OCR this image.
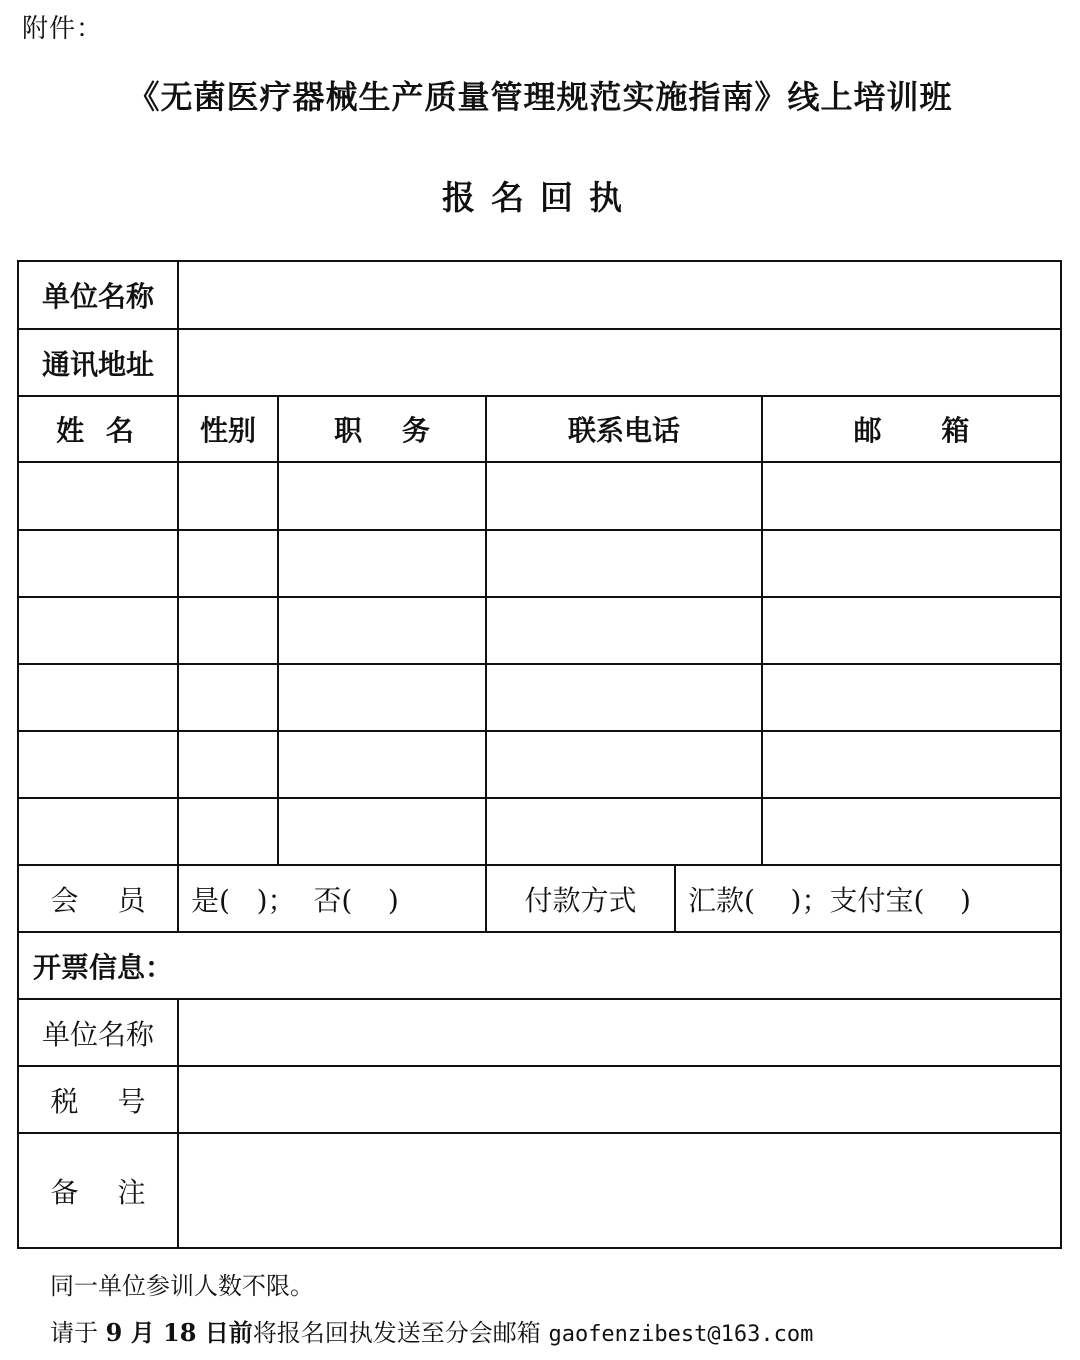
附件：
《无菌医疗器械生产质量管理规范实施指南》线上培训班
报名回执
单位名称					
通讯地址					
姓 名	性别	职 务	联系电话		邮 箱

会 员	是(   )；  否(    )		付款方式	汇款(    )；支付宝(    )	
开票信息：					
单位名称					
税 号					
备 注					
同一单位参训人数不限。
请于 9 月 18 日前将报名回执发送至分会邮箱 gaofenzibest@163.com
